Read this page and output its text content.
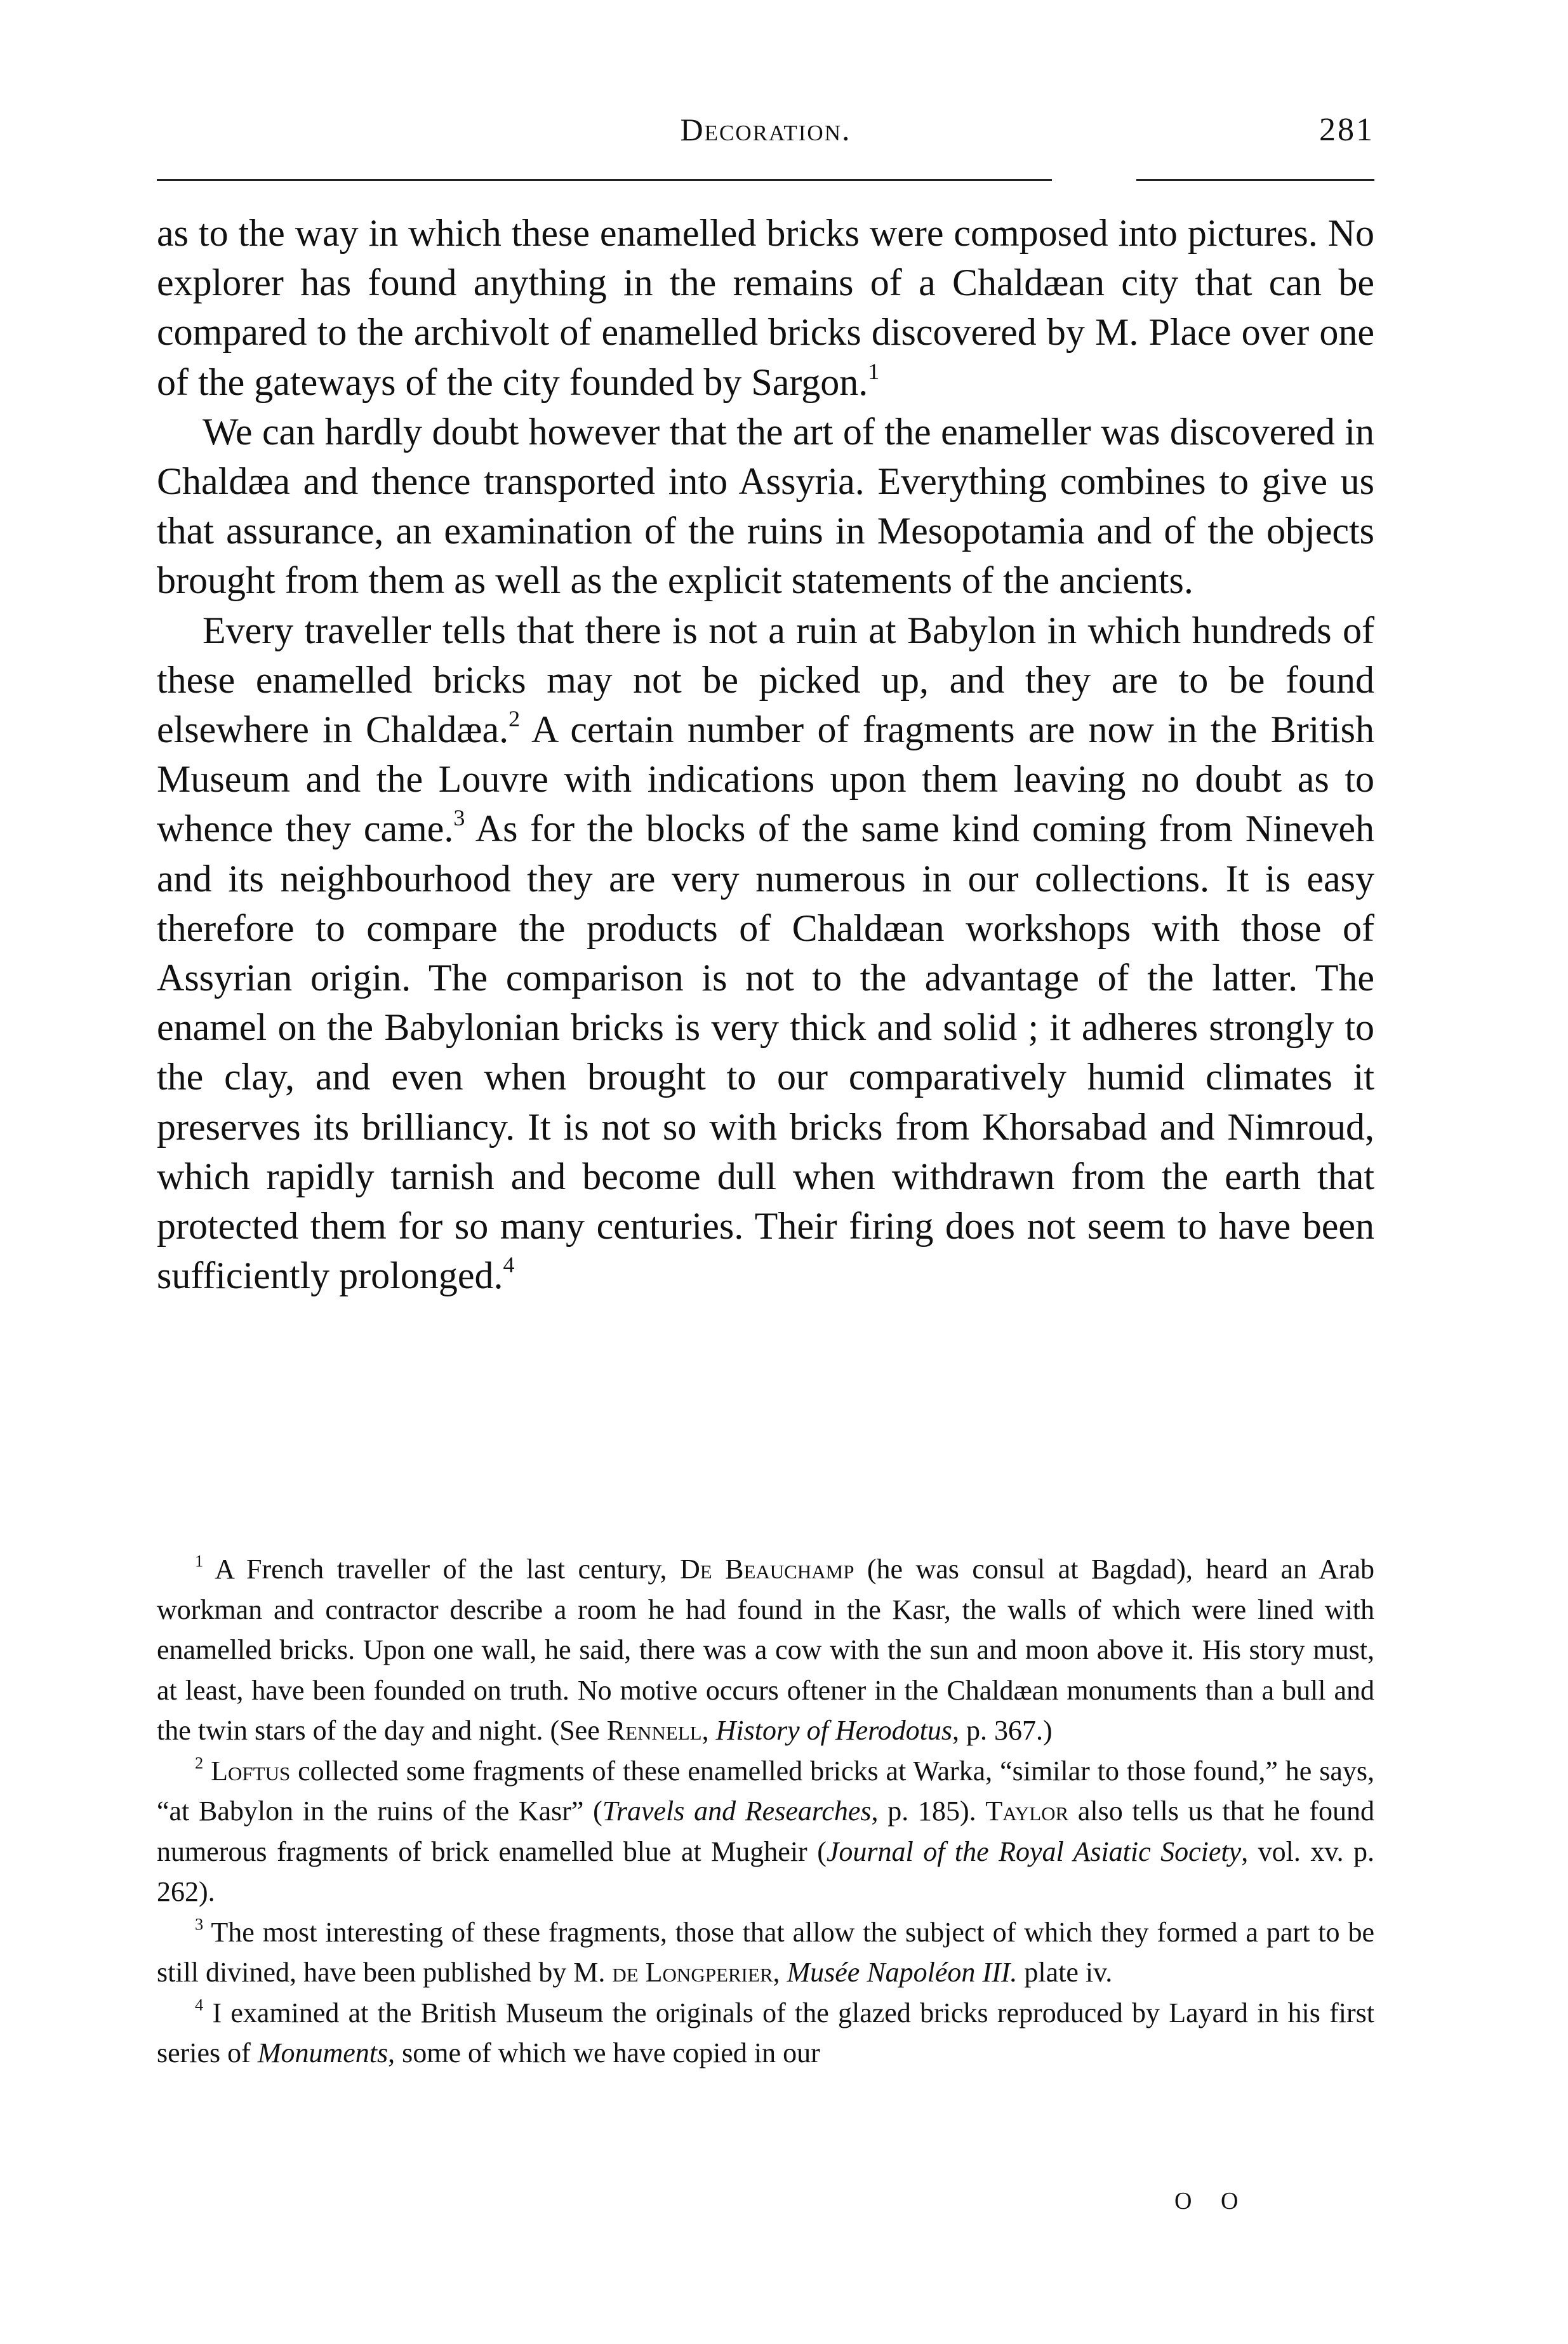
Decoration.	281

as to the way in which these enamelled bricks were composed into pictures. No explorer has found anything in the remains of a Chaldæan city that can be compared to the archivolt of enamelled bricks discovered by M. Place over one of the gateways of the city founded by Sargon.$^1$

We can hardly doubt however that the art of the enameller was discovered in Chaldæa and thence transported into Assyria. Everything combines to give us that assurance, an examination of the ruins in Mesopotamia and of the objects brought from them as well as the explicit statements of the ancients.

Every traveller tells that there is not a ruin at Babylon in which hundreds of these enamelled bricks may not be picked up, and they are to be found elsewhere in Chaldæa.$^2$ A certain number of fragments are now in the British Museum and the Louvre with indications upon them leaving no doubt as to whence they came.$^3$ As for the blocks of the same kind coming from Nineveh and its neighbourhood they are very numerous in our collections. It is easy therefore to compare the products of Chaldæan workshops with those of Assyrian origin. The comparison is not to the advantage of the latter. The enamel on the Babylonian bricks is very thick and solid ; it adheres strongly to the clay, and even when brought to our comparatively humid climates it preserves its brilliancy. It is not so with bricks from Khorsabad and Nimroud, which rapidly tarnish and become dull when withdrawn from the earth that protected them for so many centuries. Their firing does not seem to have been sufficiently prolonged.$^4$

$^1$ A French traveller of the last century, De Beauchamp (he was consul at Bagdad), heard an Arab workman and contractor describe a room he had found in the Kasr, the walls of which were lined with enamelled bricks. Upon one wall, he said, there was a cow with the sun and moon above it. His story must, at least, have been founded on truth. No motive occurs oftener in the Chaldæan monuments than a bull and the twin stars of the day and night. (See Rennell, History of Herodotus, p. 367.)

$^2$ Loftus collected some fragments of these enamelled bricks at Warka, “similar to those found,” he says, “at Babylon in the ruins of the Kasr” (Travels and Researches, p. 185). Taylor also tells us that he found numerous fragments of brick enamelled blue at Mugheir (Journal of the Royal Asiatic Society, vol. xv. p. 262).

$^3$ The most interesting of these fragments, those that allow the subject of which they formed a part to be still divined, have been published by M. de Longperier, Musée Napoléon III. plate iv.

$^4$ I examined at the British Museum the originals of the glazed bricks reproduced by Layard in his first series of Monuments, some of which we have copied in our

O O
